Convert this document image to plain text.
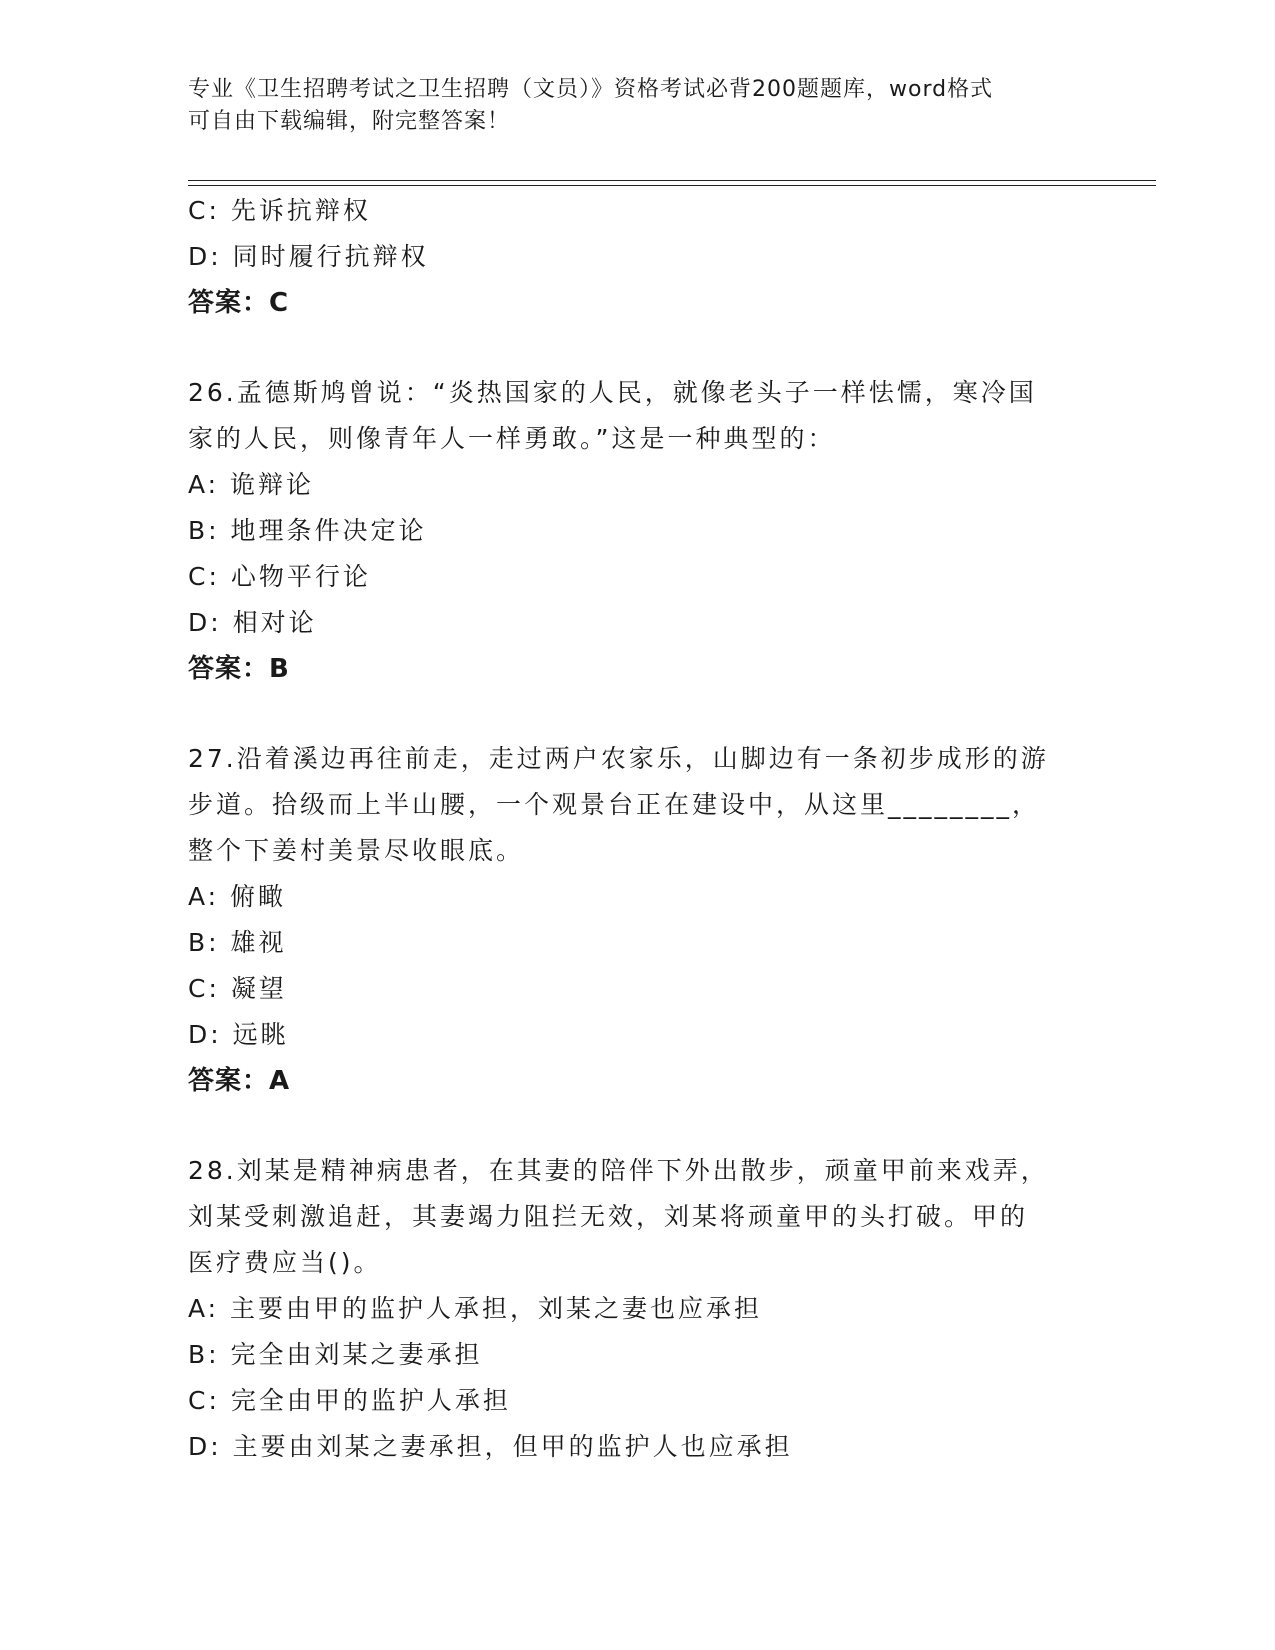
专业《卫生招聘考试之卫生招聘（文员）》资格考试必背200题题库，word格式
可自由下载编辑，附完整答案！
C: 先诉抗辩权
D: 同时履行抗辩权
答案：C
26.孟德斯鸠曾说：“炎热国家的人民，就像老头子一样怯懦，寒冷国
家的人民，则像青年人一样勇敢。”这是一种典型的：
A: 诡辩论
B: 地理条件决定论
C: 心物平行论
D: 相对论
答案：B
27.沿着溪边再往前走，走过两户农家乐，山脚边有一条初步成形的游
步道。拾级而上半山腰，一个观景台正在建设中，从这里________，
整个下姜村美景尽收眼底。
A: 俯瞰
B: 雄视
C: 凝望
D: 远眺
答案：A
28.刘某是精神病患者，在其妻的陪伴下外出散步，顽童甲前来戏弄，
刘某受刺激追赶，其妻竭力阻拦无效，刘某将顽童甲的头打破。甲的
医疗费应当()。
A: 主要由甲的监护人承担，刘某之妻也应承担
B: 完全由刘某之妻承担
C: 完全由甲的监护人承担
D: 主要由刘某之妻承担，但甲的监护人也应承担
